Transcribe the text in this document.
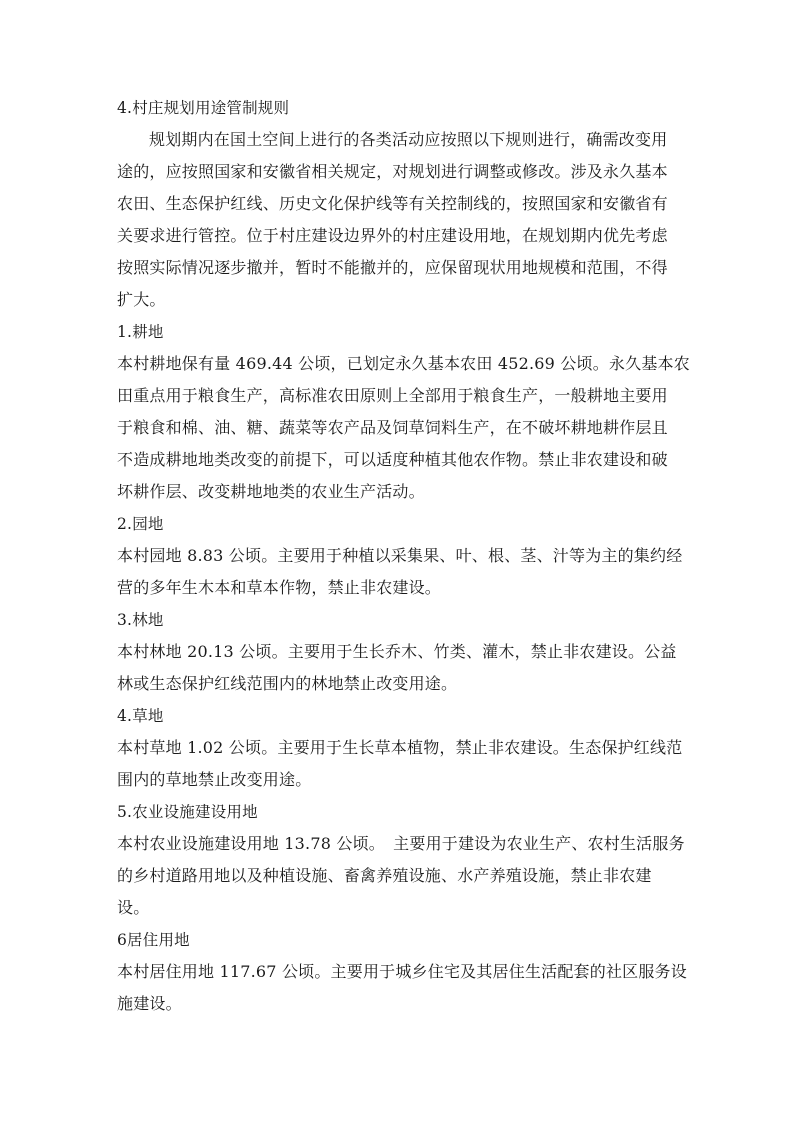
4.村庄规划用途管制规则
规划期内在国土空间上进行的各类活动应按照以下规则进行，确需改变用
途的，应按照国家和安徽省相关规定，对规划进行调整或修改。涉及永久基本
农田、生态保护红线、历史文化保护线等有关控制线的，按照国家和安徽省有
关要求进行管控。位于村庄建设边界外的村庄建设用地，在规划期内优先考虑
按照实际情况逐步撤并，暂时不能撤并的，应保留现状用地规模和范围，不得
扩大。
1.耕地
本村耕地保有量 469.44 公顷，已划定永久基本农田 452.69 公顷。永久基本农
田重点用于粮食生产，高标准农田原则上全部用于粮食生产，一般耕地主要用
于粮食和棉、油、糖、蔬菜等农产品及饲草饲料生产，在不破坏耕地耕作层且
不造成耕地地类改变的前提下，可以适度种植其他农作物。禁止非农建设和破
坏耕作层、改变耕地地类的农业生产活动。
2.园地
本村园地 8.83 公顷。主要用于种植以采集果、叶、根、茎、汁等为主的集约经
营的多年生木本和草本作物，禁止非农建设。
3.林地
本村林地 20.13 公顷。主要用于生长乔木、竹类、灌木，禁止非农建设。公益
林或生态保护红线范围内的林地禁止改变用途。
4.草地
本村草地 1.02 公顷。主要用于生长草本植物，禁止非农建设。生态保护红线范
围内的草地禁止改变用途。
5.农业设施建设用地
本村农业设施建设用地 13.78 公顷。　主要用于建设为农业生产、农村生活服务
的乡村道路用地以及种植设施、畜禽养殖设施、水产养殖设施，禁止非农建
设。
6居住用地
本村居住用地 117.67 公顷。主要用于城乡住宅及其居住生活配套的社区服务设
施建设。
